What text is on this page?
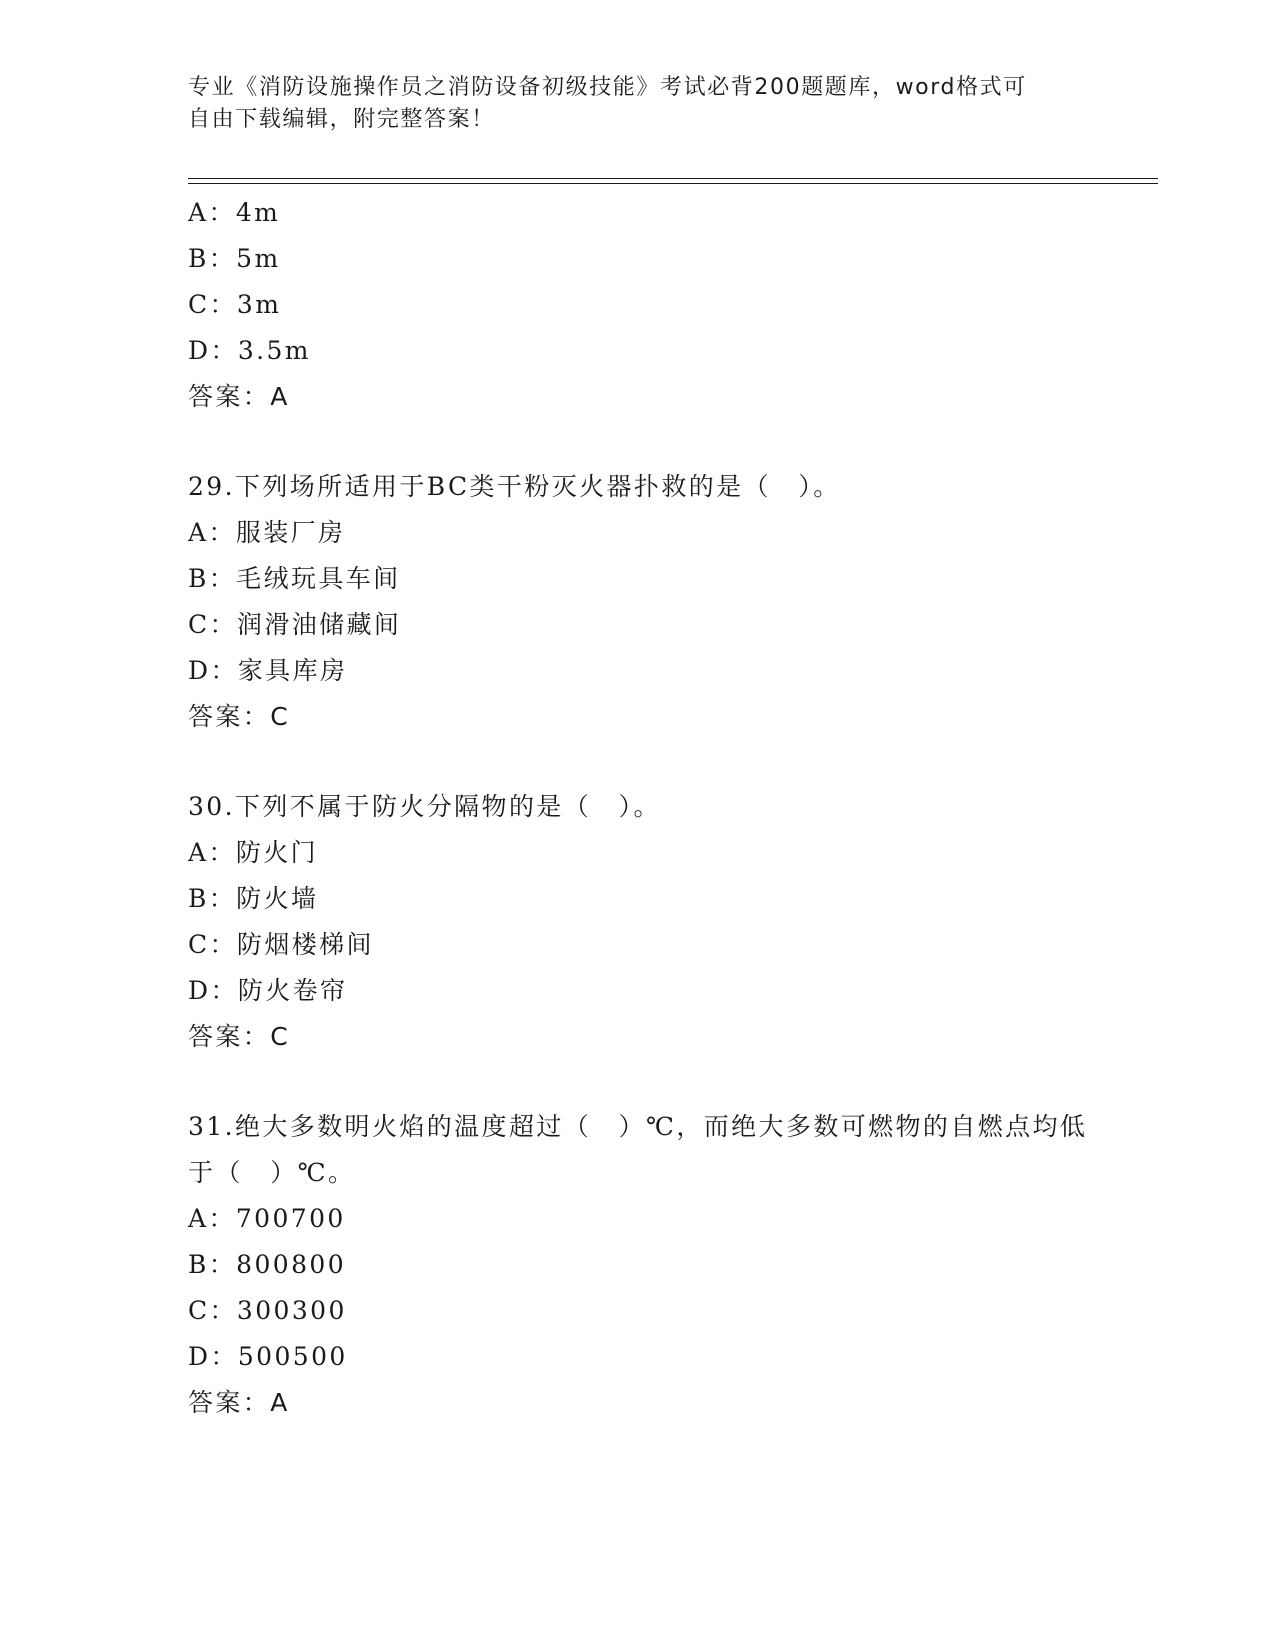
专业《消防设施操作员之消防设备初级技能》考试必背200题题库，word格式可
自由下载编辑，附完整答案！
A：4m
B：5m
C：3m
D：3.5m
答案：A
29.下列场所适用于BC类干粉灭火器扑救的是（　）。
A：服装厂房
B：毛绒玩具车间
C：润滑油储藏间
D：家具库房
答案：C
30.下列不属于防火分隔物的是（　）。
A：防火门
B：防火墙
C：防烟楼梯间
D：防火卷帘
答案：C
31.绝大多数明火焰的温度超过（　）℃，而绝大多数可燃物的自燃点均低于（　）℃。
A：700700
B：800800
C：300300
D：500500
答案：A
